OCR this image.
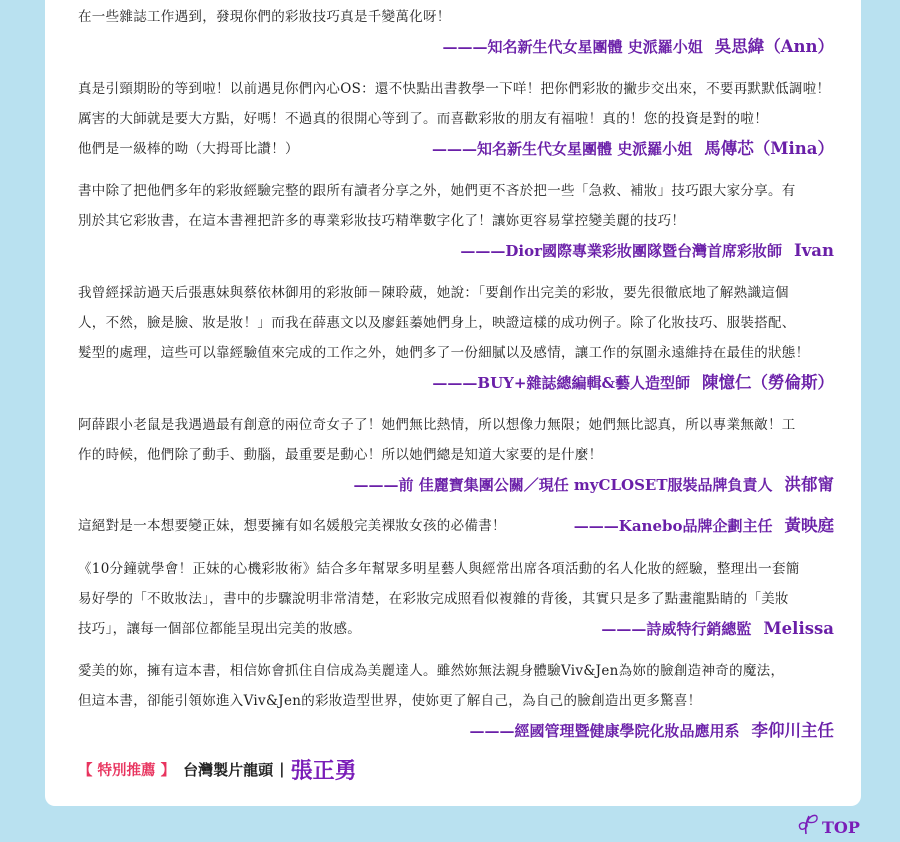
在一些雜誌工作遇到，發現你們的彩妝技巧真是千變萬化呀！

———知名新生代女星團體 史派羅小姐 吳思緯（Ann）

真是引頸期盼的等到啦！以前遇見你們內心OS：還不快點出書教學一下咩！把你們彩妝的撇步交出來，不要再默默低調啦！

厲害的大師就是要大方點，好嗎！不過真的很開心等到了。而喜歡彩妝的朋友有福啦！真的！您的投資是對的啦！

他們是一級棒的呦（大拇哥比讚！）	———知名新生代女星團體 史派羅小姐 馬傳芯（Mina）

書中除了把他們多年的彩妝經驗完整的跟所有讀者分享之外，她們更不吝於把一些「急救、補妝」技巧跟大家分享。有

別於其它彩妝書，在這本書裡把許多的專業彩妝技巧精準數字化了！讓妳更容易掌控變美麗的技巧！

———Dior國際專業彩妝團隊暨台灣首席彩妝師 Ivan

我曾經採訪過天后張惠妹與蔡依林御用的彩妝師－陳聆葳，她說：「要創作出完美的彩妝，要先很徹底地了解熟識這個

人，不然，臉是臉、妝是妝！」而我在薛惠文以及廖鈺蓁她們身上，映證這樣的成功例子。除了化妝技巧、服裝搭配、

髮型的處理，這些可以靠經驗值來完成的工作之外，她們多了一份細膩以及感情，讓工作的氛圍永遠維持在最佳的狀態！

———BUY+雜誌總編輯&藝人造型師 陳憶仁（勞倫斯）

阿薛跟小老鼠是我遇過最有創意的兩位奇女子了！她們無比熱情，所以想像力無限；她們無比認真，所以專業無敵！工

作的時候，他們除了動手、動腦，最重要是動心！所以她們總是知道大家要的是什麼！

———前 佳麗寶集團公關／現任 myCLOSET服裝品牌負責人 洪郁甯

這絕對是一本想要變正妹，想要擁有如名媛般完美裸妝女孩的必備書！	———Kanebo品牌企劃主任 黃映庭

《10分鐘就學會！正妹的心機彩妝術》結合多年幫眾多明星藝人與經常出席各項活動的名人化妝的經驗，整理出一套簡

易好學的「不敗妝法」，書中的步驟說明非常清楚，在彩妝完成照看似複雜的背後，其實只是多了點畫龍點睛的「美妝

技巧」，讓每一個部位都能呈現出完美的妝感。	———詩威特行銷總監 Melissa

愛美的妳，擁有這本書，相信妳會抓住自信成為美麗達人。雖然妳無法親身體驗Viv&Jen為妳的臉創造神奇的魔法，

但這本書，卻能引領妳進入Viv&Jen的彩妝造型世界，使妳更了解自己，為自己的臉創造出更多驚喜！

———經國管理暨健康學院化妝品應用系 李仰川主任
【 特別推薦 】 台灣製片龍頭 | 張正勇
TOP
